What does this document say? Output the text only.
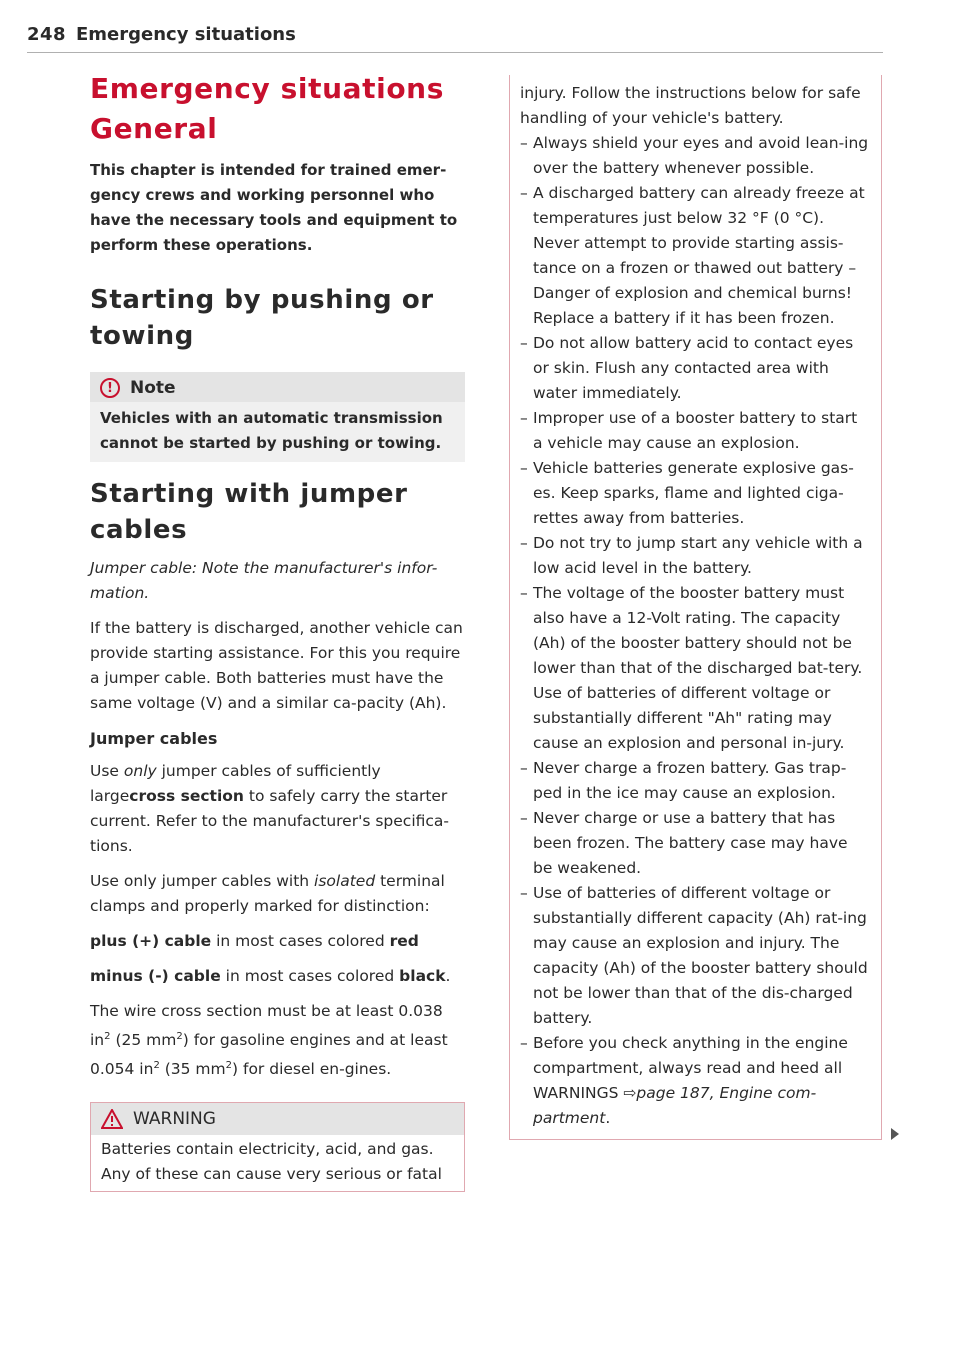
248 Emergency situations
Emergency situations
General

This chapter is intended for trained emer-gency crews and working personnel who have the necessary tools and equipment to perform these operations.

Starting by pushing or towing
!	Note
Vehicles with an automatic transmission cannot be started by pushing or towing.
Starting with jumper cables

Jumper cable: Note the manufacturer's infor-mation.

If the battery is discharged, another vehicle can provide starting assistance. For this you require a jumper cable. Both batteries must have the same voltage (V) and a similar ca-pacity (Ah).

Jumper cables

Use only jumper cables of sufficiently largecross section to safely carry the starter current. Refer to the manufacturer's specifica-tions.

Use only jumper cables with isolated terminal clamps and properly marked for distinction:

plus (+) cable in most cases colored red

minus (-) cable in most cases colored black.

The wire cross section must be at least 0.038 $in^2$ (25 $mm^2$) for gasoline engines and at least 0.054 $in^2$ (35 $mm^2$) for diesel en-gines.

WARNING
Batteries contain electricity, acid, and gas. Any of these can cause very serious or fatal
injury. Follow the instructions below for safe handling of your vehicle's battery.
– Always shield your eyes and avoid lean-ing over the battery whenever possible.
– A discharged battery can already freeze at temperatures just below 32 °F (0 °C). Never attempt to provide starting assis-tance on a frozen or thawed out battery – Danger of explosion and chemical burns! Replace a battery if it has been frozen.
– Do not allow battery acid to contact eyes or skin. Flush any contacted area with water immediately.
– Improper use of a booster battery to start a vehicle may cause an explosion.
– Vehicle batteries generate explosive gas-es. Keep sparks, flame and lighted ciga-rettes away from batteries.
– Do not try to jump start any vehicle with a low acid level in the battery.
– The voltage of the booster battery must also have a 12-Volt rating. The capacity (Ah) of the booster battery should not be lower than that of the discharged bat-tery. Use of batteries of different voltage or substantially different "Ah" rating may cause an explosion and personal in-jury.
– Never charge a frozen battery. Gas trap-ped in the ice may cause an explosion.
– Never charge or use a battery that has been frozen. The battery case may have be weakened.
– Use of batteries of different voltage or substantially different capacity (Ah) rat-ing may cause an explosion and injury. The capacity (Ah) of the booster battery should not be lower than that of the dis-charged battery.
– Before you check anything in the engine compartment, always read and heed all WARNINGS ⇨page 187, Engine com-partment.
